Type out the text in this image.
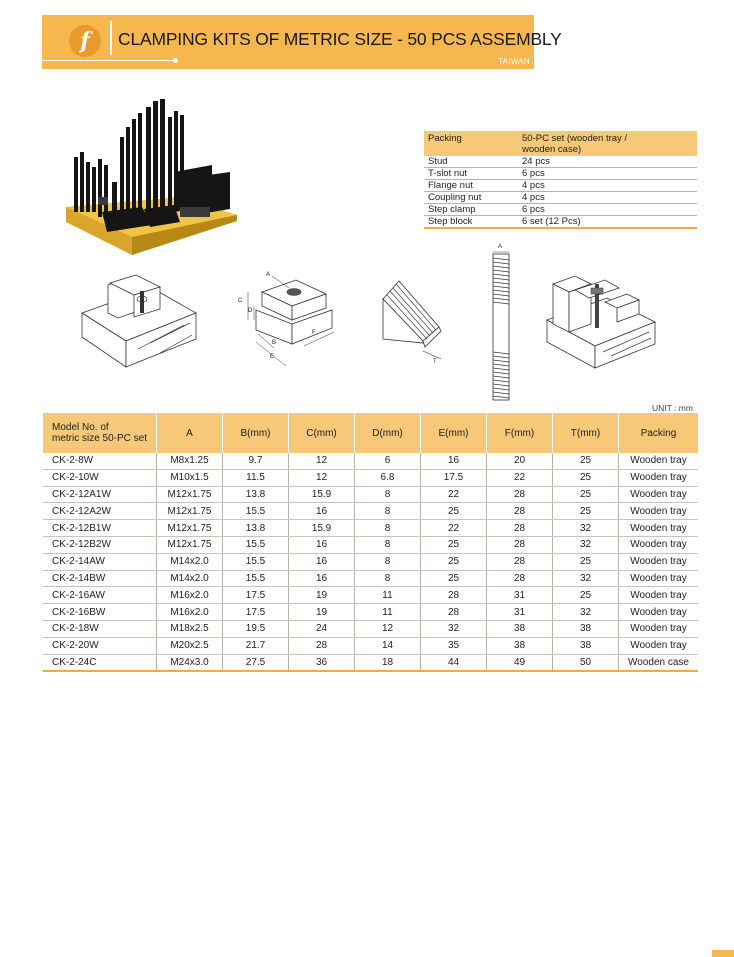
f CLAMPING KITS OF METRIC SIZE - 50 PCS ASSEMBLY
TAIWAN
Packing	50-PC set (wooden tray /
wooden case)
Stud	24 pcs
T-slot nut	6 pcs
Flange nut	4 pcs
Coupling nut	4 pcs
Step clamp	6 pcs
Step block	6 set (12 Pcs)
A
C
D
B
E
F
T
A
UNIT : mm
Model No. of
metric size 50-PC set	A	B(mm)	C(mm)	D(mm)	E(mm)	F(mm)	T(mm)	Packing
CK-2-8W	M8x1.25	9.7	12	6	16	20	25	Wooden tray
CK-2-10W	M10x1.5	11.5	12	6.8	17.5	22	25	Wooden tray
CK-2-12A1W	M12x1.75	13.8	15.9	8	22	28	25	Wooden tray
CK-2-12A2W	M12x1.75	15.5	16	8	25	28	25	Wooden tray
CK-2-12B1W	M12x1.75	13.8	15.9	8	22	28	32	Wooden tray
CK-2-12B2W	M12x1.75	15.5	16	8	25	28	32	Wooden tray
CK-2-14AW	M14x2.0	15.5	16	8	25	28	25	Wooden tray
CK-2-14BW	M14x2.0	15.5	16	8	25	28	32	Wooden tray
CK-2-16AW	M16x2.0	17.5	19	11	28	31	25	Wooden tray
CK-2-16BW	M16x2.0	17.5	19	11	28	31	32	Wooden tray
CK-2-18W	M18x2.5	19.5	24	12	32	38	38	Wooden tray
CK-2-20W	M20x2.5	21.7	28	14	35	38	38	Wooden tray
CK-2-24C	M24x3.0	27.5	36	18	44	49	50	Wooden case
